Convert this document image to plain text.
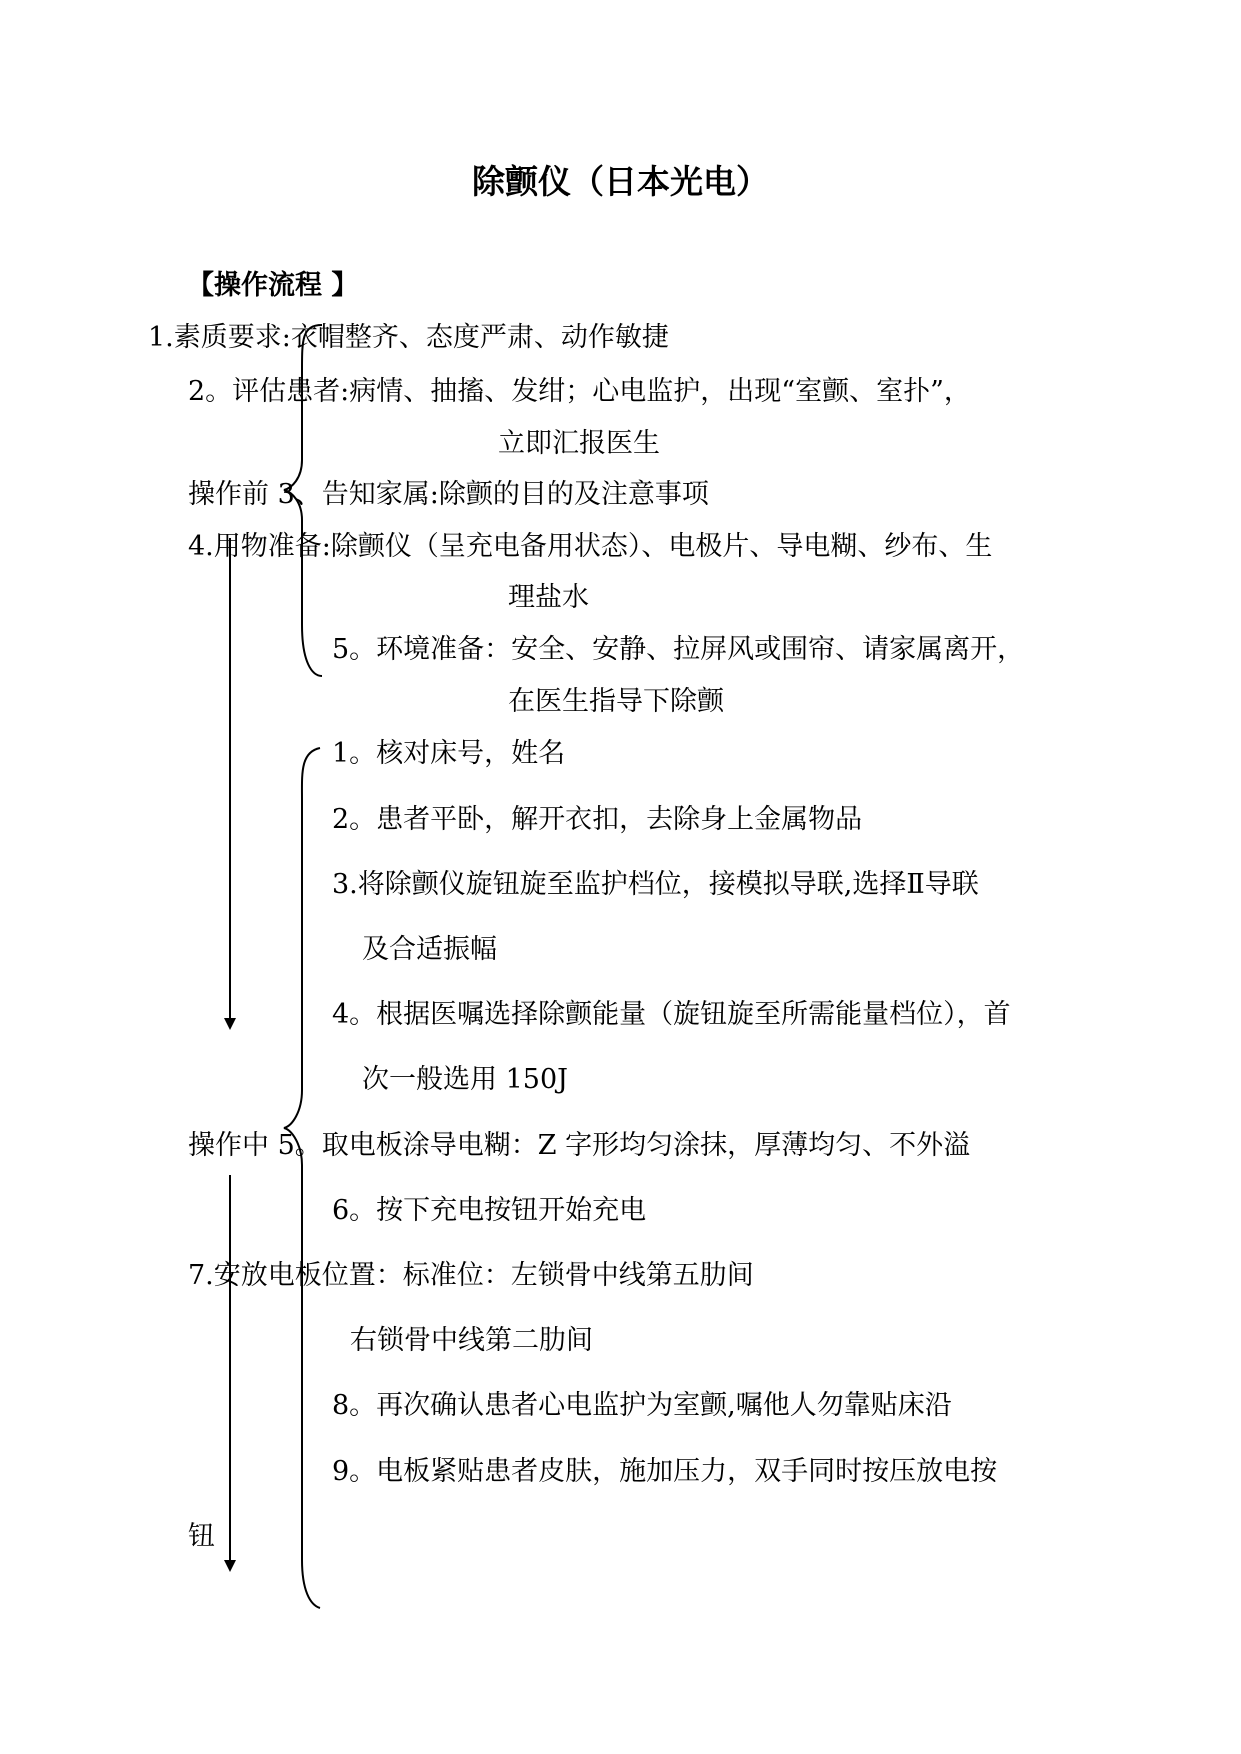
除颤仪（日本光电）
【操作流程 】
1.素质要求:衣帽整齐、态度严肃、动作敏捷
2。评估患者:病情、抽搐、发绀；心电监护，出现“室颤、室扑”，
立即汇报医生
操作前 3、告知家属:除颤的目的及注意事项
4.用物准备:除颤仪（呈充电备用状态）、电极片、导电糊、纱布、生
理盐水
5。环境准备：安全、安静、拉屏风或围帘、请家属离开，
在医生指导下除颤
1。核对床号，姓名
2。患者平卧，解开衣扣，去除身上金属物品
3.将除颤仪旋钮旋至监护档位，接模拟导联,选择Ⅱ导联
及合适振幅
4。根据医嘱选择除颤能量（旋钮旋至所需能量档位），首
次一般选用 150J
操作中 5。取电板涂导电糊：Z 字形均匀涂抹，厚薄均匀、不外溢
6。按下充电按钮开始充电
7.安放电板位置：标准位：左锁骨中线第五肋间
右锁骨中线第二肋间
8。再次确认患者心电监护为室颤,嘱他人勿靠贴床沿
9。电板紧贴患者皮肤，施加压力，双手同时按压放电按
钮
